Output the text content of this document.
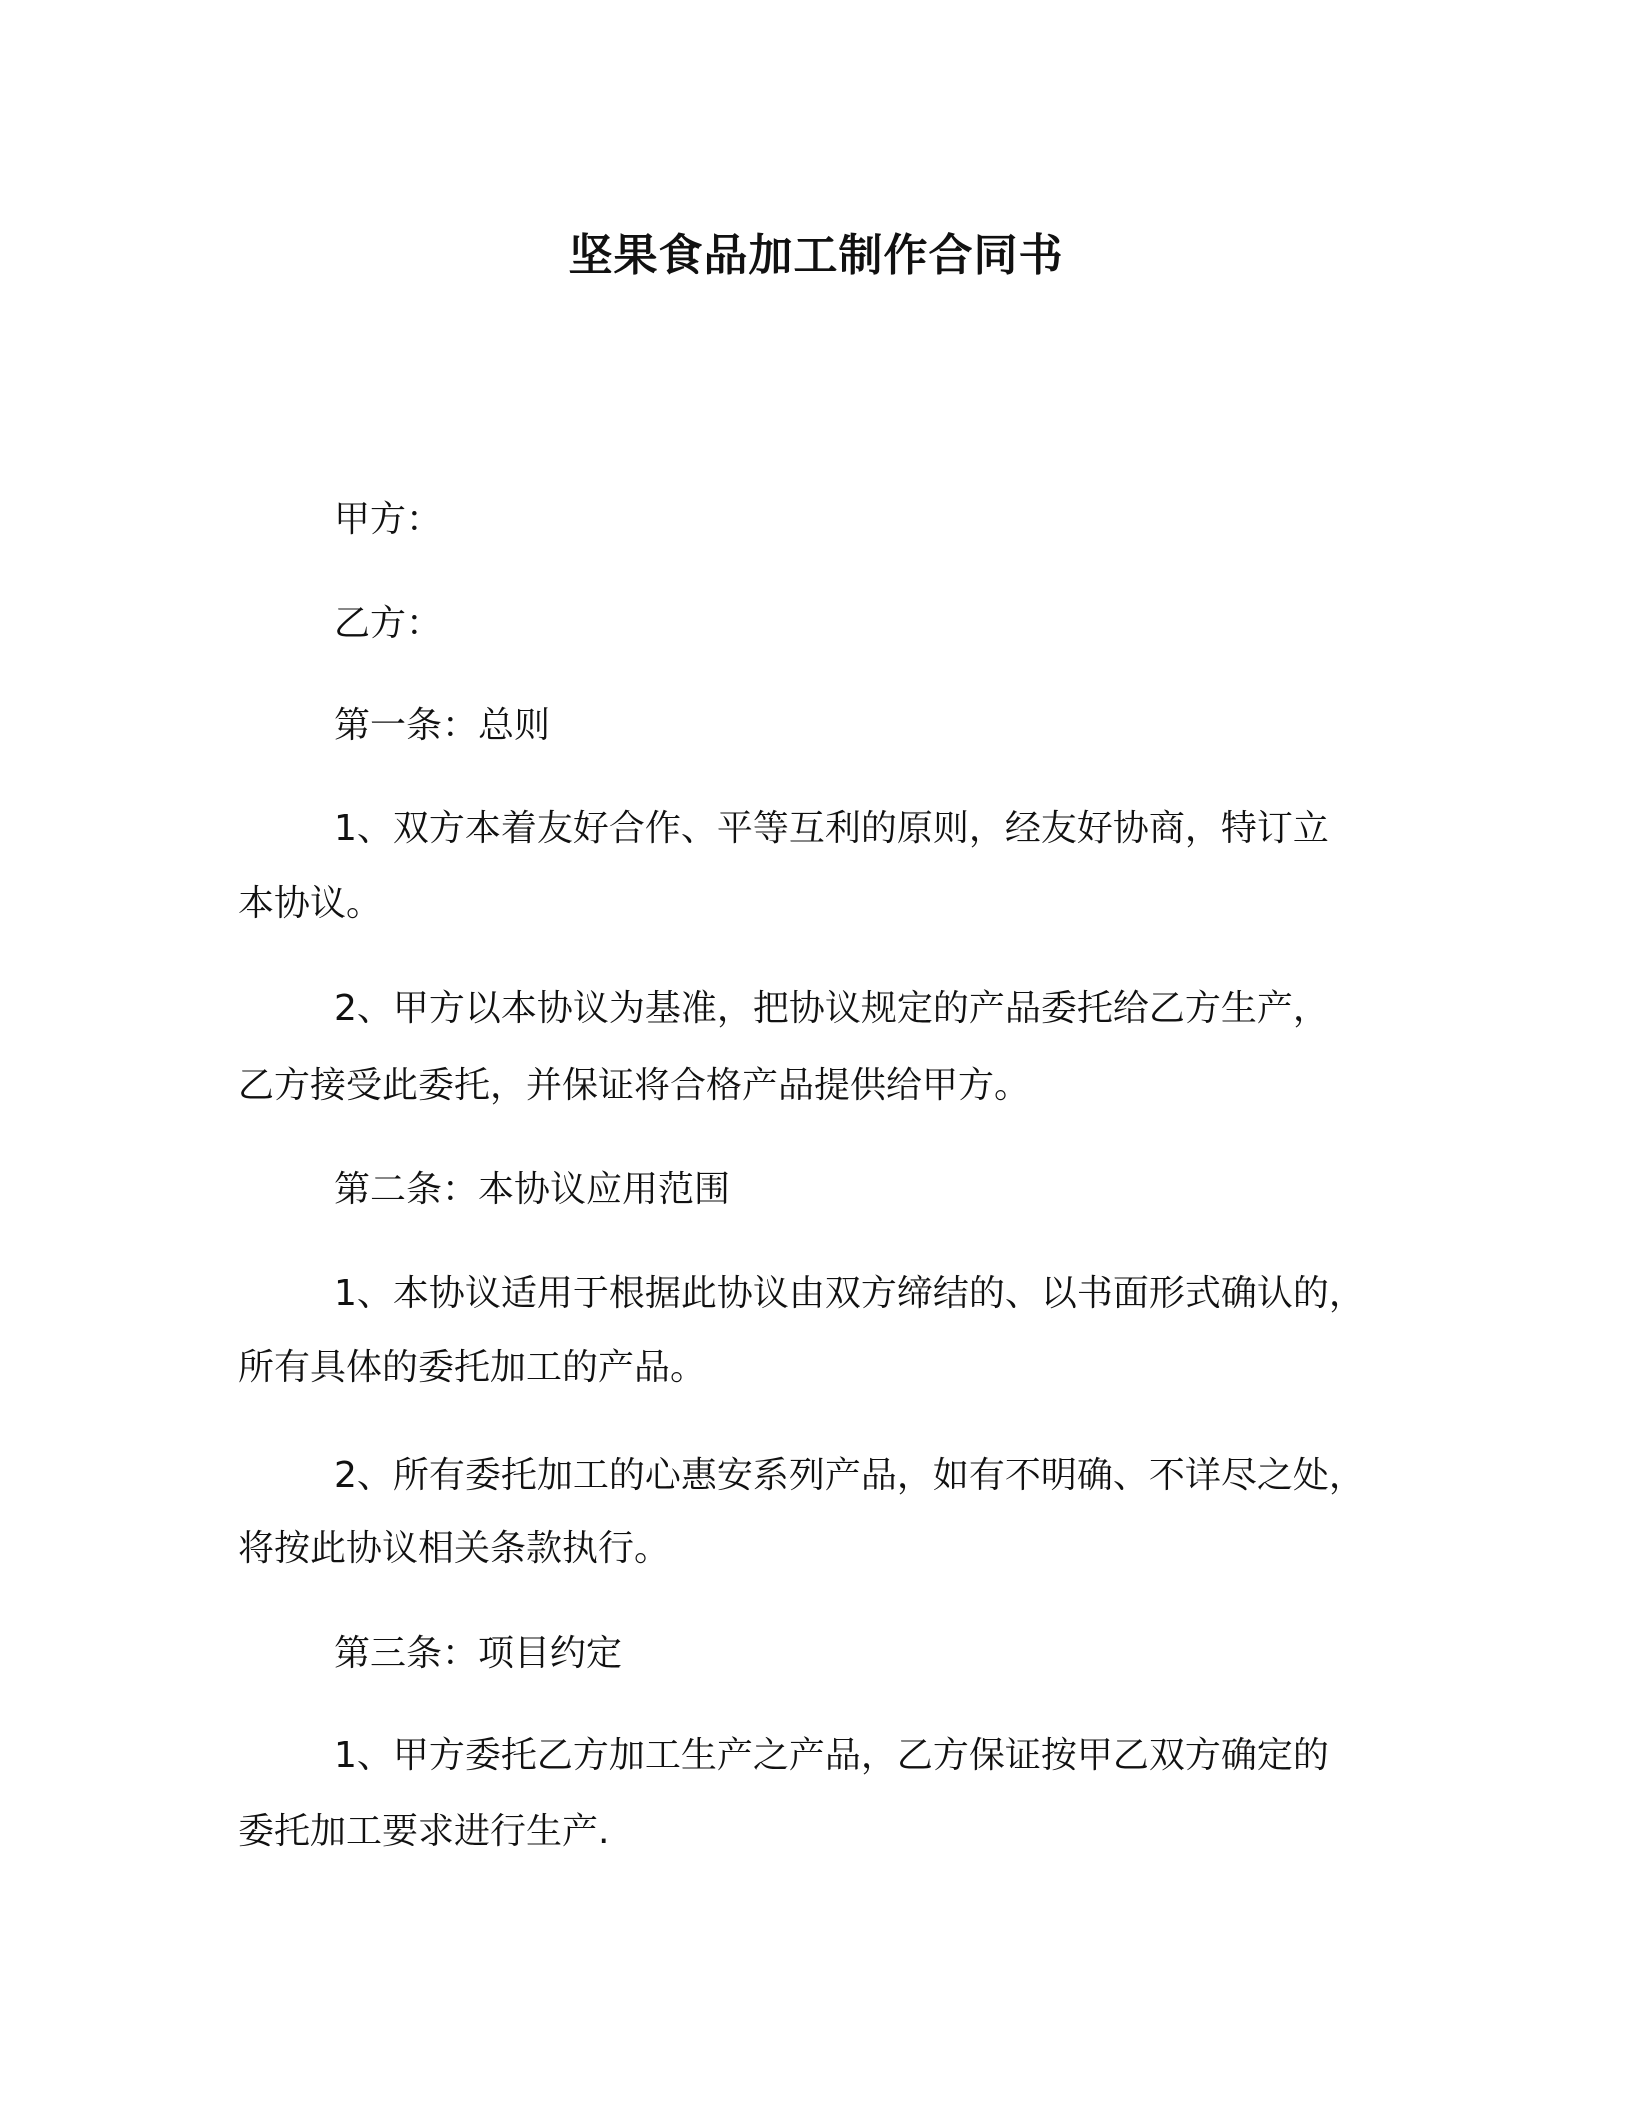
坚果食品加工制作合同书
甲方：
乙方：
第一条：总则
1、双方本着友好合作、平等互利的原则，经友好协商，特订立
本协议。
2、甲方以本协议为基准，把协议规定的产品委托给乙方生产，
乙方接受此委托，并保证将合格产品提供给甲方。
第二条：本协议应用范围
1、本协议适用于根据此协议由双方缔结的、以书面形式确认的，
所有具体的委托加工的产品。
2、所有委托加工的心惠安系列产品，如有不明确、不详尽之处，
将按此协议相关条款执行。
第三条：项目约定
1、甲方委托乙方加工生产之产品，乙方保证按甲乙双方确定的
委托加工要求进行生产.
